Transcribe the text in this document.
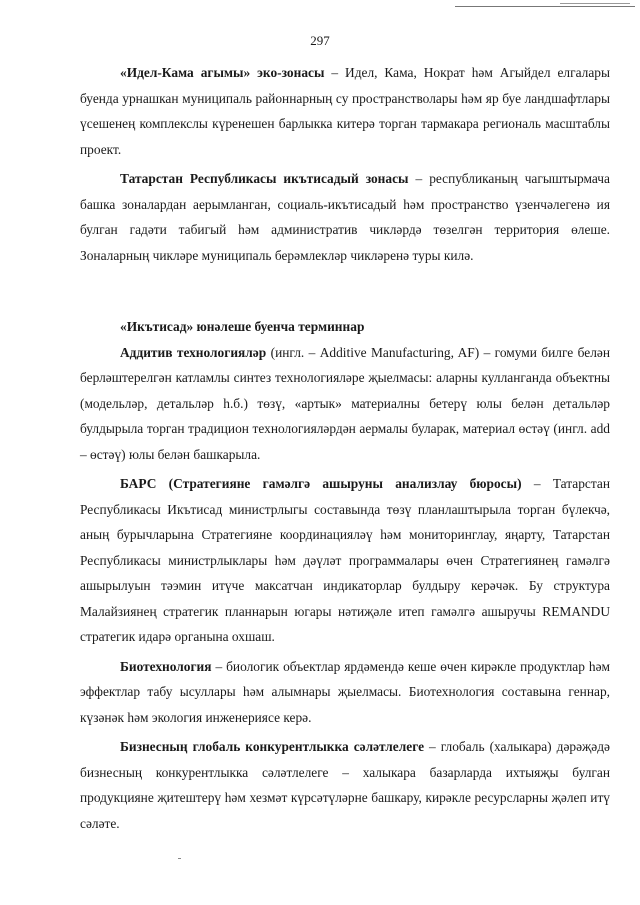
297

«Идел-Кама агымы» эко-зонасы – Идел, Кама, Нократ һәм Агыйдел елгалары буенда урнашкан муниципаль районнарның су пространстволары һәм яр буе ландшафтлары үсешенең комплекслы күренешен барлыкка китерә торган тармакара региональ масштаблы проект.

Татарстан Республикасы икътисадый зонасы – республиканың чагыштырмача башка зоналардан аерымланган, социаль-икътисадый һәм пространство үзенчәлегенә ия булган гадәти табигый һәм административ чикләрдә төзелгән территория өлеше. Зоналарның чикләре муниципаль берәмлекләр чикләренә туры килә.

«Икътисад» юнәлеше буенча терминнар

Аддитив технологияләр (ингл. – Additive Manufacturing, AF) – гомуми билге белән берләштерелгән катламлы синтез технологияләре җыелмасы: аларны кулланганда объектны (модельләр, детальләр h.б.) төзү, «артык» материалны бетерү юлы белән детальләр булдырыла торган традицион технологияләрдән аермалы буларак, материал өстәү (ингл. add – өстәү) юлы белән башкарыла.

БАРС (Стратегияне гамәлгә ашыруны анализлау бюросы) – Татарстан Республикасы Икътисад министрлыгы составында төзү планлаштырыла торган бүлекчә, аның бурычларына Стратегияне координацияләү һәм мониторинглау, яңарту, Татарстан Республикасы министрлыклары һәм дәүләт программалары өчен Стратегиянең гамәлгә ашырылуын тәэмин итүче максатчан индикаторлар булдыру керәчәк. Бу структура Малайзиянең стратегик планнарын югары нәтиҗәле итеп гамәлгә ашыручы REMANDU стратегик идарә органына охшаш.

Биотехнология – биологик объектлар ярдәмендә кеше өчен кирәкле продуктлар һәм эффектлар табу ысуллары һәм алымнары җыелмасы. Биотехнология составына геннар, күзәнәк һәм экология инженериясе керә.

Бизнесның глобаль конкурентлыкка сәләтлелеге – глобаль (халыкара) дәрәҗәдә бизнесның конкурентлыкка сәләтлелеге – халыкара базарларда ихтыяҗы булган продукцияне җитештерү һәм хезмәт күрсәтүләрне башкару, кирәкле ресурсларны җәлеп итү сәләте.
